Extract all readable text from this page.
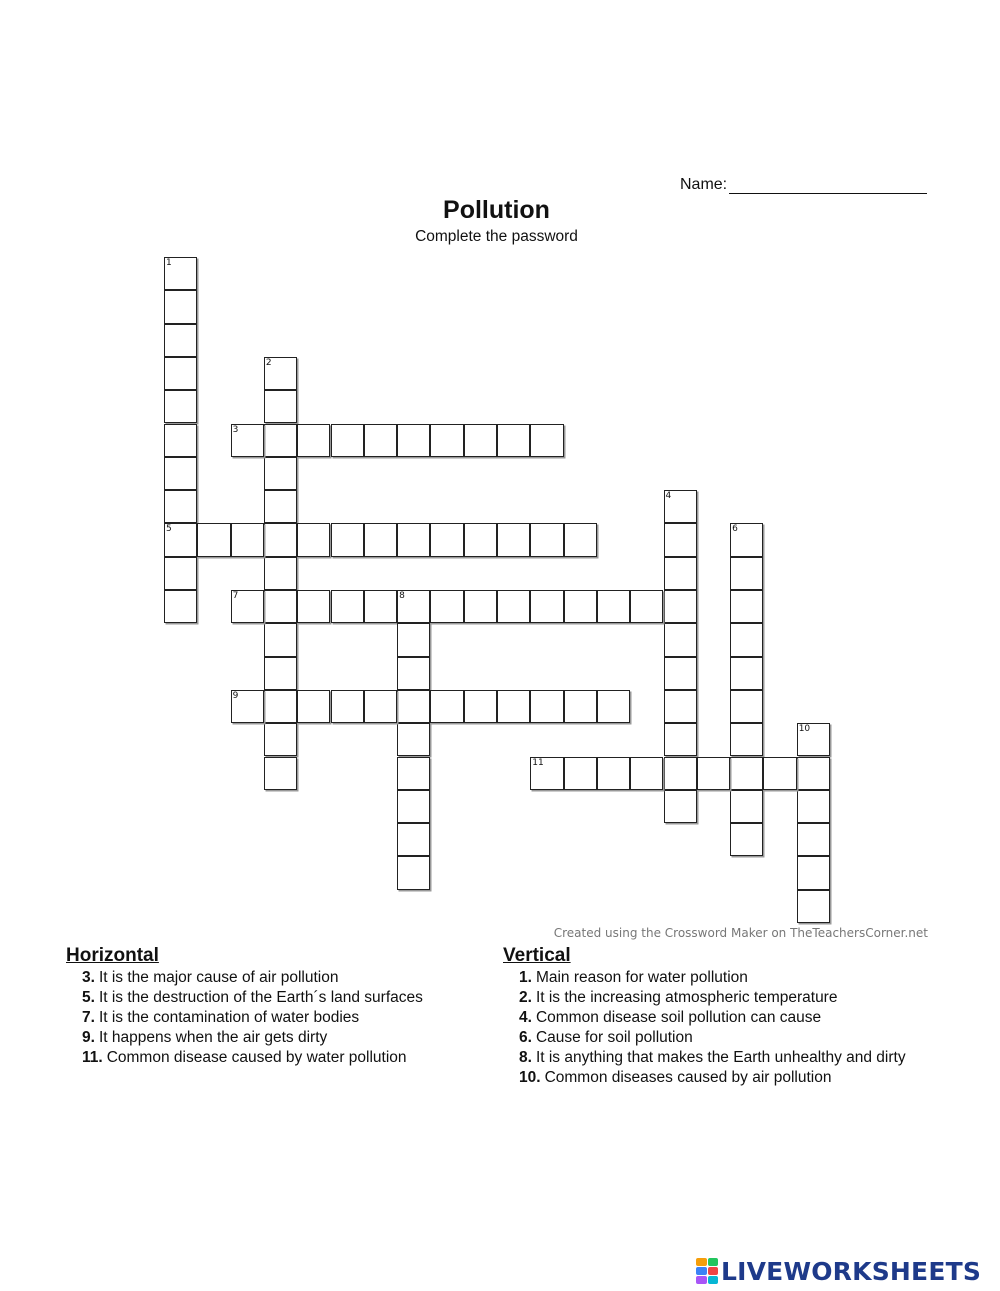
Name:
Pollution
Complete the password
1
5
2
3
4
6
7	8
9
10
11
Created using the Crossword Maker on TheTeachersCorner.net
Horizontal
3. It is the major cause of air pollution
5. It is the destruction of the Earth´s land surfaces
7. It is the contamination of water bodies
9. It happens when the air gets dirty
11. Common disease caused by water pollution
Vertical
1. Main reason for water pollution
2. It is the increasing atmospheric temperature
4. Common disease soil pollution can cause
6. Cause for soil pollution
8. It is anything that makes the Earth unhealthy and dirty
10. Common diseases caused by air pollution
LIVEWORKSHEETS
